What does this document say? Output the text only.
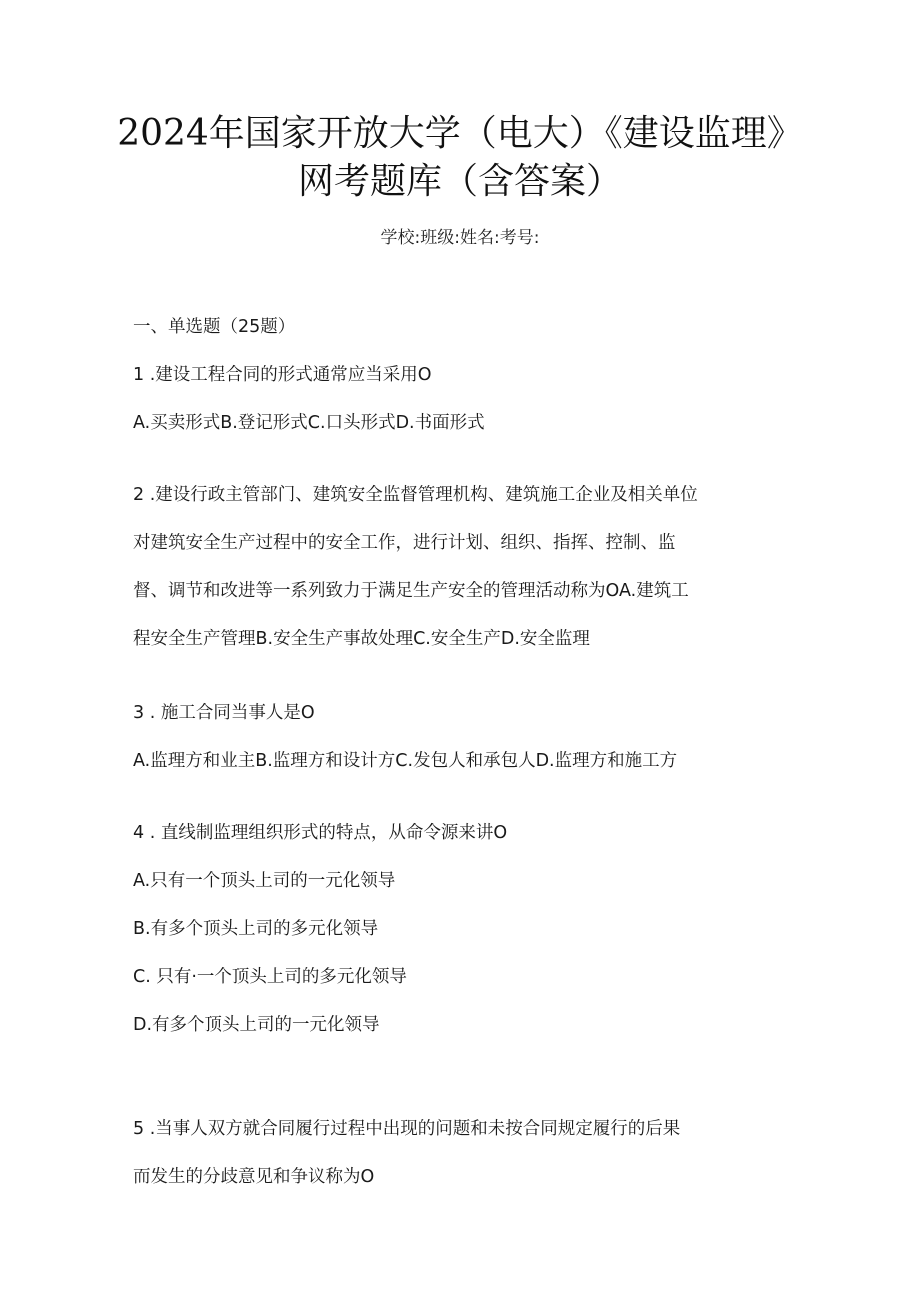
2024年国家开放大学（电大）《建设监理》
网考题库（含答案）
学校:班级:姓名:考号:
一、单选题（25题）
1 .建设工程合同的形式通常应当采用O
A.买卖形式B.登记形式C.口头形式D.书面形式
2 .建设行政主管部门、建筑安全监督管理机构、建筑施工企业及相关单位
对建筑安全生产过程中的安全工作，进行计划、组织、指挥、控制、监
督、调节和改进等一系列致力于满足生产安全的管理活动称为OA.建筑工
程安全生产管理B.安全生产事故处理C.安全生产D.安全监理
3 . 施工合同当事人是O
A.监理方和业主B.监理方和设计方C.发包人和承包人D.监理方和施工方
4 . 直线制监理组织形式的特点，从命令源来讲O
A.只有一个顶头上司的一元化领导
B.有多个顶头上司的多元化领导
C. 只有·一个顶头上司的多元化领导
D.有多个顶头上司的一元化领导
5 .当事人双方就合同履行过程中出现的问题和未按合同规定履行的后果
而发生的分歧意见和争议称为O
